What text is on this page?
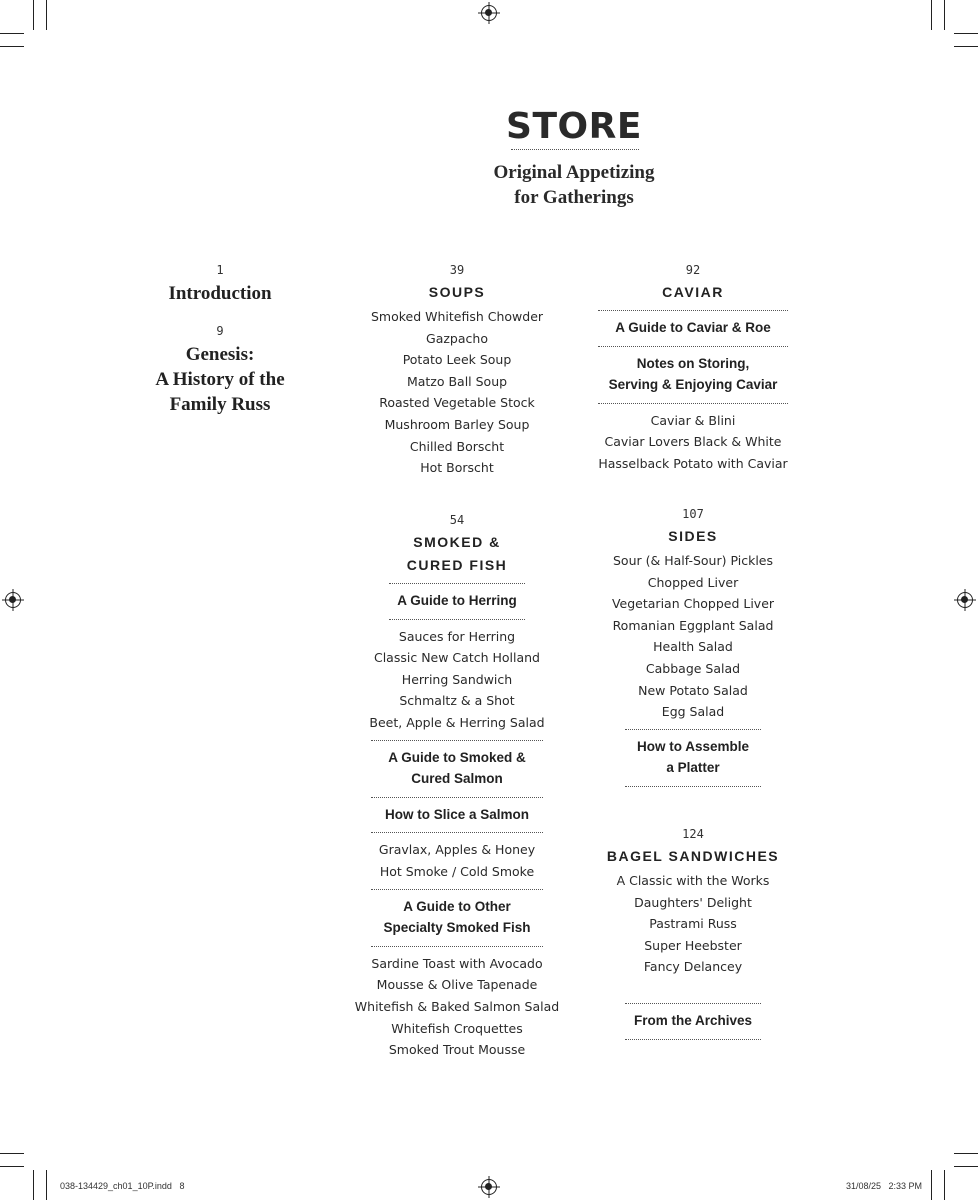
STORE
Original Appetizing
for Gatherings
1
Introduction
9
Genesis:
A History of the
Family Russ
39
SOUPS
Smoked Whitefish Chowder
Gazpacho
Potato Leek Soup
Matzo Ball Soup
Roasted Vegetable Stock
Mushroom Barley Soup
Chilled Borscht
Hot Borscht
54
SMOKED &
CURED FISH
A Guide to Herring
Sauces for Herring
Classic New Catch Holland
Herring Sandwich
Schmaltz & a Shot
Beet, Apple & Herring Salad
A Guide to Smoked &
Cured Salmon
How to Slice a Salmon
Gravlax, Apples & Honey
Hot Smoke / Cold Smoke
A Guide to Other
Specialty Smoked Fish
Sardine Toast with Avocado
Mousse & Olive Tapenade
Whitefish & Baked Salmon Salad
Whitefish Croquettes
Smoked Trout Mousse
92
CAVIAR
A Guide to Caviar & Roe
Notes on Storing,
Serving & Enjoying Caviar
Caviar & Blini
Caviar Lovers Black & White
Hasselback Potato with Caviar
107
SIDES
Sour (& Half-Sour) Pickles
Chopped Liver
Vegetarian Chopped Liver
Romanian Eggplant Salad
Health Salad
Cabbage Salad
New Potato Salad
Egg Salad
How to Assemble
a Platter
124
BAGEL SANDWICHES
A Classic with the Works
Daughters' Delight
Pastrami Russ
Super Heebster
Fancy Delancey
From the Archives
038-134429_ch01_10P.indd   8	31/08/25   2:33 PM
